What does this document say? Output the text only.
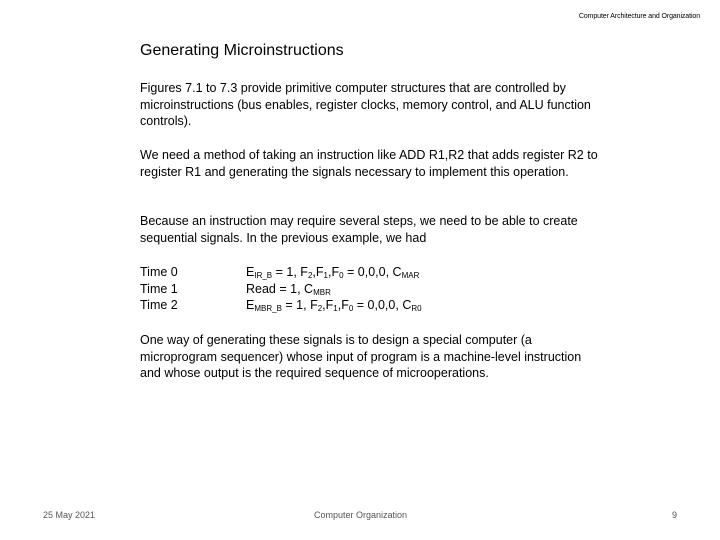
Computer Architecture and Organization
Generating Microinstructions
Figures 7.1 to 7.3 provide primitive computer structures that are controlled by microinstructions (bus enables, register clocks, memory control, and ALU function controls).
We need a method of taking an instruction like ADD R1,R2 that adds register R2 to register R1 and generating the signals necessary to implement this operation.
Because an instruction may require several steps, we need to be able to create sequential signals. In the previous example, we had
Time 0	$E_{IR\_B} = 1$, $F_2,F_1,F_0 = 0,0,0$, $C_{MAR}$
Time 1	Read = 1, $C_{MBR}$
Time 2	$E_{MBR\_B} = 1$, $F_2,F_1,F_0 = 0,0,0$, $C_{R0}$
One way of generating these signals is to design a special computer (a microprogram sequencer) whose input of program is a machine-level instruction and whose output is the required sequence of microoperations.
25 May 2021	Computer Organization	9
